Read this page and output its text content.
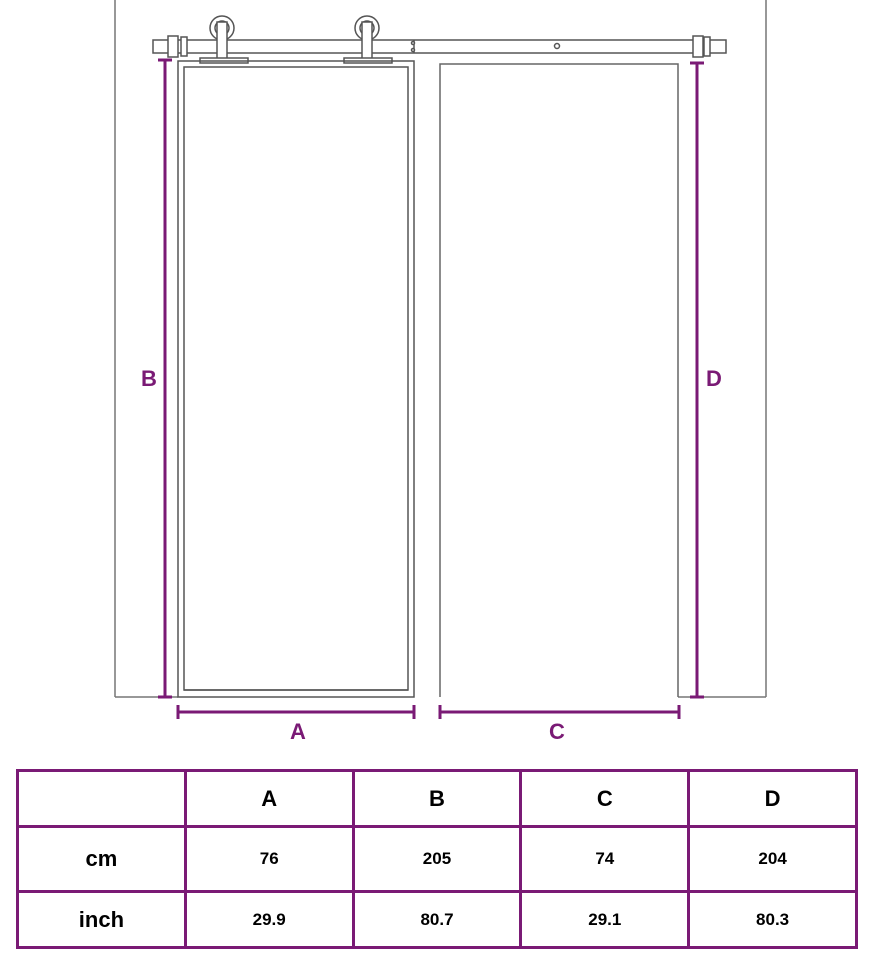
B	D
A	C
	A	B	C	D
cm	76	205	74	204
inch	29.9	80.7	29.1	80.3
